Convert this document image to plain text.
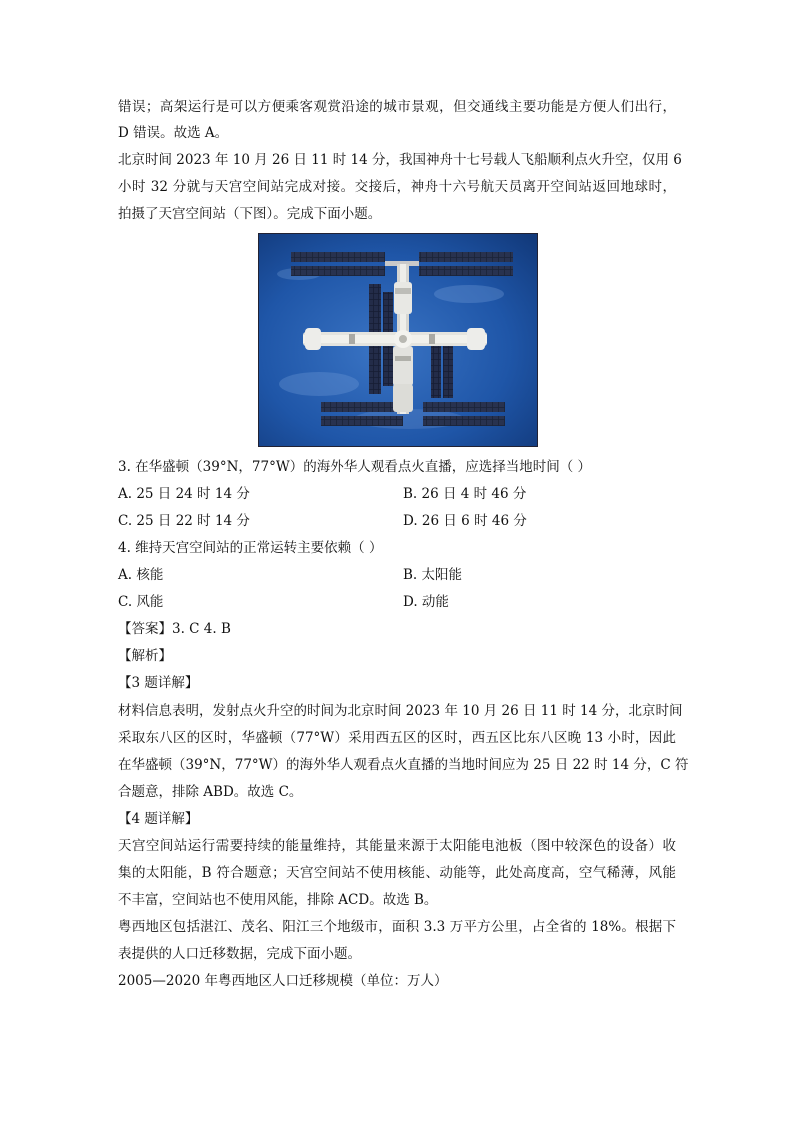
错误；高架运行是可以方便乘客观赏沿途的城市景观，但交通线主要功能是方便人们出行，
D 错误。故选 A。
北京时间 2023 年 10 月 26 日 11 时 14 分，我国神舟十七号载人飞船顺利点火升空，仅用 6
小时 32 分就与天宫空间站完成对接。交接后，神舟十六号航天员离开空间站返回地球时，
拍摄了天宫空间站（下图）。完成下面小题。
3. 在华盛顿（39°N，77°W）的海外华人观看点火直播，应选择当地时间（ ）
A. 25 日 24 时 14 分	B. 26 日 4 时 46 分
C. 25 日 22 时 14 分	D. 26 日 6 时 46 分
4. 维持天宫空间站的正常运转主要依赖（ ）
A. 核能	B. 太阳能
C. 风能	D. 动能
【答案】3. C 4. B
【解析】
【3 题详解】
材料信息表明，发射点火升空的时间为北京时间 2023 年 10 月 26 日 11 时 14 分，北京时间
采取东八区的区时，华盛顿（77°W）采用西五区的区时，西五区比东八区晚 13 小时，因此
在华盛顿（39°N，77°W）的海外华人观看点火直播的当地时间应为 25 日 22 时 14 分，C 符
合题意，排除 ABD。故选 C。
【4 题详解】
天宫空间站运行需要持续的能量维持，其能量来源于太阳能电池板（图中较深色的设备）收
集的太阳能，B 符合题意；天宫空间站不使用核能、动能等，此处高度高，空气稀薄，风能
不丰富，空间站也不使用风能，排除 ACD。故选 B。
粤西地区包括湛江、茂名、阳江三个地级市，面积 3.3 万平方公里，占全省的 18%。根据下
表提供的人口迁移数据，完成下面小题。
2005—2020 年粤西地区人口迁移规模（单位：万人）
